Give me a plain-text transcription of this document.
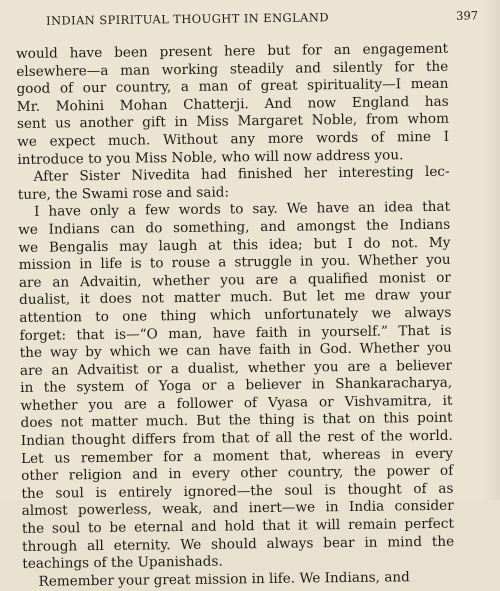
INDIAN SPIRITUAL THOUGHT IN ENGLAND	397
would have been present here but for an engagement
elsewhere—a man working steadily and silently for the
good of our country, a man of great spirituality—I mean
Mr. Mohini Mohan Chatterji. And now England has
sent us another gift in Miss Margaret Noble, from whom
we expect much. Without any more words of mine I
introduce to you Miss Noble, who will now address you.
After Sister Nivedita had finished her interesting lec-
ture, the Swami rose and said:
I have only a few words to say. We have an idea that
we Indians can do something, and amongst the Indians
we Bengalis may laugh at this idea; but I do not. My
mission in life is to rouse a struggle in you. Whether you
are an Advaitin, whether you are a qualified monist or
dualist, it does not matter much. But let me draw your
attention to one thing which unfortunately we always
forget: that is—“O man, have faith in yourself.” That is
the way by which we can have faith in God. Whether you
are an Advaitist or a dualist, whether you are a believer
in the system of Yoga or a believer in Shankaracharya,
whether you are a follower of Vyasa or Vishvamitra, it
does not matter much. But the thing is that on this point
Indian thought differs from that of all the rest of the world.
Let us remember for a moment that, whereas in every
other religion and in every other country, the power of
the soul is entirely ignored—the soul is thought of as
almost powerless, weak, and inert—we in India consider
the soul to be eternal and hold that it will remain perfect
through all eternity. We should always bear in mind the
teachings of the Upanishads.
Remember your great mission in life. We Indians, and
